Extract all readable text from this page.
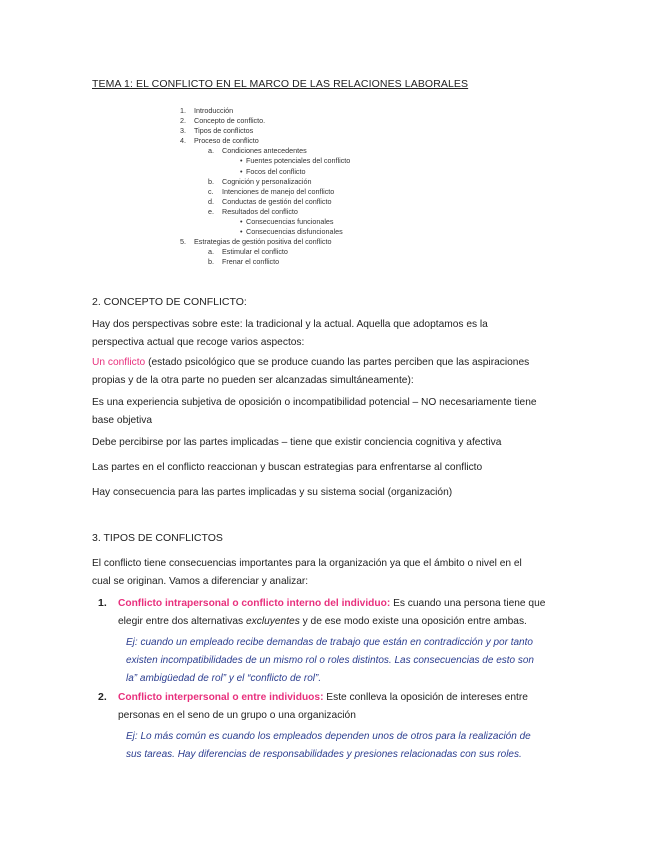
TEMA 1: EL CONFLICTO EN EL MARCO DE LAS RELACIONES LABORALES
1. Introducción
2. Concepto de conflicto.
3. Tipos de conflictos
4. Proceso de conflicto
a. Condiciones antecedentes
• Fuentes potenciales del conflicto
• Focos del conflicto
b. Cognición y personalización
c. Intenciones de manejo del conflicto
d. Conductas de gestión del conflicto
e. Resultados del conflicto
• Consecuencias funcionales
• Consecuencias disfuncionales
5. Estrategias de gestión positiva del conflicto
a. Estimular el conflicto
b. Frenar el conflicto
2. CONCEPTO DE CONFLICTO:
Hay dos perspectivas sobre este: la tradicional y la actual. Aquella que adoptamos es la
perspectiva actual que recoge varios aspectos:
Un conflicto (estado psicológico que se produce cuando las partes perciben que las aspiraciones
propias y de la otra parte no pueden ser alcanzadas simultáneamente):
Es una experiencia subjetiva de oposición o incompatibilidad potencial – NO necesariamente tiene
base objetiva
Debe percibirse por las partes implicadas – tiene que existir conciencia cognitiva y afectiva
Las partes en el conflicto reaccionan y buscan estrategias para enfrentarse al conflicto
Hay consecuencia para las partes implicadas y su sistema social (organización)
3. TIPOS DE CONFLICTOS
El conflicto tiene consecuencias importantes para la organización ya que el ámbito o nivel en el
cual se originan. Vamos a diferenciar y analizar:
1. Conflicto intrapersonal o conflicto interno del individuo: Es cuando una persona tiene que
elegir entre dos alternativas excluyentes y de ese modo existe una oposición entre ambas.
Ej: cuando un empleado recibe demandas de trabajo que están en contradicción y por tanto
existen incompatibilidades de un mismo rol o roles distintos. Las consecuencias de esto son
la” ambigüedad de rol” y el “conflicto de rol”.
2. Conflicto interpersonal o entre individuos: Este conlleva la oposición de intereses entre
personas en el seno de un grupo o una organización
Ej: Lo más común es cuando los empleados dependen unos de otros para la realización de
sus tareas. Hay diferencias de responsabilidades y presiones relacionadas con sus roles.
